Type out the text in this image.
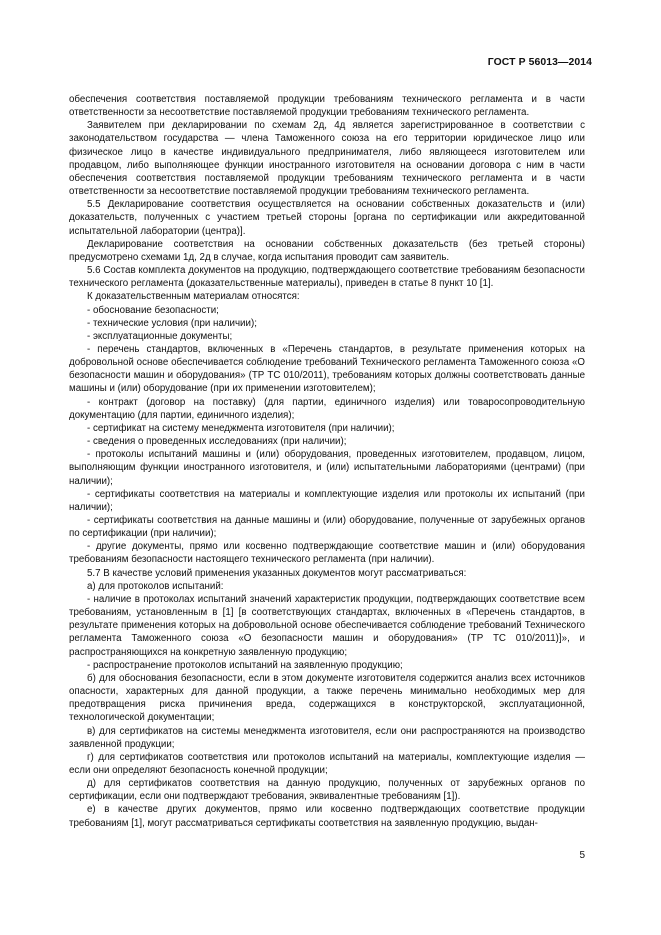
ГОСТ Р 56013—2014

обеспечения соответствия поставляемой продукции требованиям технического регламента и в части ответственности за несоответствие поставляемой продукции требованиям технического регламента.

Заявителем при декларировании по схемам 2д, 4д является зарегистрированное в соответствии с законодательством государства — члена Таможенного союза на его территории юридическое лицо или физическое лицо в качестве индивидуального предпринимателя, либо являющееся изготовителем или продавцом, либо выполняющее функции иностранного изготовителя на основании договора с ним в части обеспечения соответствия поставляемой продукции требованиям технического регламента и в части ответственности за несоответствие поставляемой продукции требованиям технического регламента.

5.5 Декларирование соответствия осуществляется на основании собственных доказательств и (или) доказательств, полученных с участием третьей стороны [органа по сертификации или аккредитованной испытательной лаборатории (центра)].

Декларирование соответствия на основании собственных доказательств (без третьей стороны) предусмотрено схемами 1д, 2д в случае, когда испытания проводит сам заявитель.

5.6 Состав комплекта документов на продукцию, подтверждающего соответствие требованиям безопасности технического регламента (доказательственные материалы), приведен в статье 8 пункт 10 [1].

К доказательственным материалам относятся:

- обоснование безопасности;

- технические условия (при наличии);

- эксплуатационные документы;

- перечень стандартов, включенных в «Перечень стандартов, в результате применения которых на добровольной основе обеспечивается соблюдение требований Технического регламента Таможенного союза «О безопасности машин и оборудования» (ТР ТС 010/2011), требованиям которых должны соответствовать данные машины и (или) оборудование (при их применении изготовителем);

- контракт (договор на поставку) (для партии, единичного изделия) или товаросопроводительную документацию (для партии, единичного изделия);

- сертификат на систему менеджмента изготовителя (при наличии);

- сведения о проведенных исследованиях (при наличии);

- протоколы испытаний машины и (или) оборудования, проведенных изготовителем, продавцом, лицом, выполняющим функции иностранного изготовителя, и (или) испытательными лабораториями (центрами) (при наличии);

- сертификаты соответствия на материалы и комплектующие изделия или протоколы их испытаний (при наличии);

- сертификаты соответствия на данные машины и (или) оборудование, полученные от зарубежных органов по сертификации (при наличии);

- другие документы, прямо или косвенно подтверждающие соответствие машин и (или) оборудования требованиям безопасности настоящего технического регламента (при наличии).

5.7 В качестве условий применения указанных документов могут рассматриваться:

а) для протоколов испытаний:

- наличие в протоколах испытаний значений характеристик продукции, подтверждающих соответствие всем требованиям, установленным в [1] [в соответствующих стандартах, включенных в «Перечень стандартов, в результате применения которых на добровольной основе обеспечивается соблюдение требований Технического регламента Таможенного союза «О безопасности машин и оборудования» (ТР ТС 010/2011)]», и распространяющихся на конкретную заявленную продукцию;

- распространение протоколов испытаний на заявленную продукцию;

б) для обоснования безопасности, если в этом документе изготовителя содержится анализ всех источников опасности, характерных для данной продукции, а также перечень минимально необходимых мер для предотвращения риска причинения вреда, содержащихся в конструкторской, эксплуатационной, технологической документации;

в) для сертификатов на системы менеджмента изготовителя, если они распространяются на производство заявленной продукции;

г) для сертификатов соответствия или протоколов испытаний на материалы, комплектующие изделия — если они определяют безопасность конечной продукции;

д) для сертификатов соответствия на данную продукцию, полученных от зарубежных органов по сертификации, если они подтверждают требования, эквивалентные требованиям [1]).

е) в качестве других документов, прямо или косвенно подтверждающих соответствие продукции требованиям [1], могут рассматриваться сертификаты соответствия на заявленную продукцию, выдан-

5
